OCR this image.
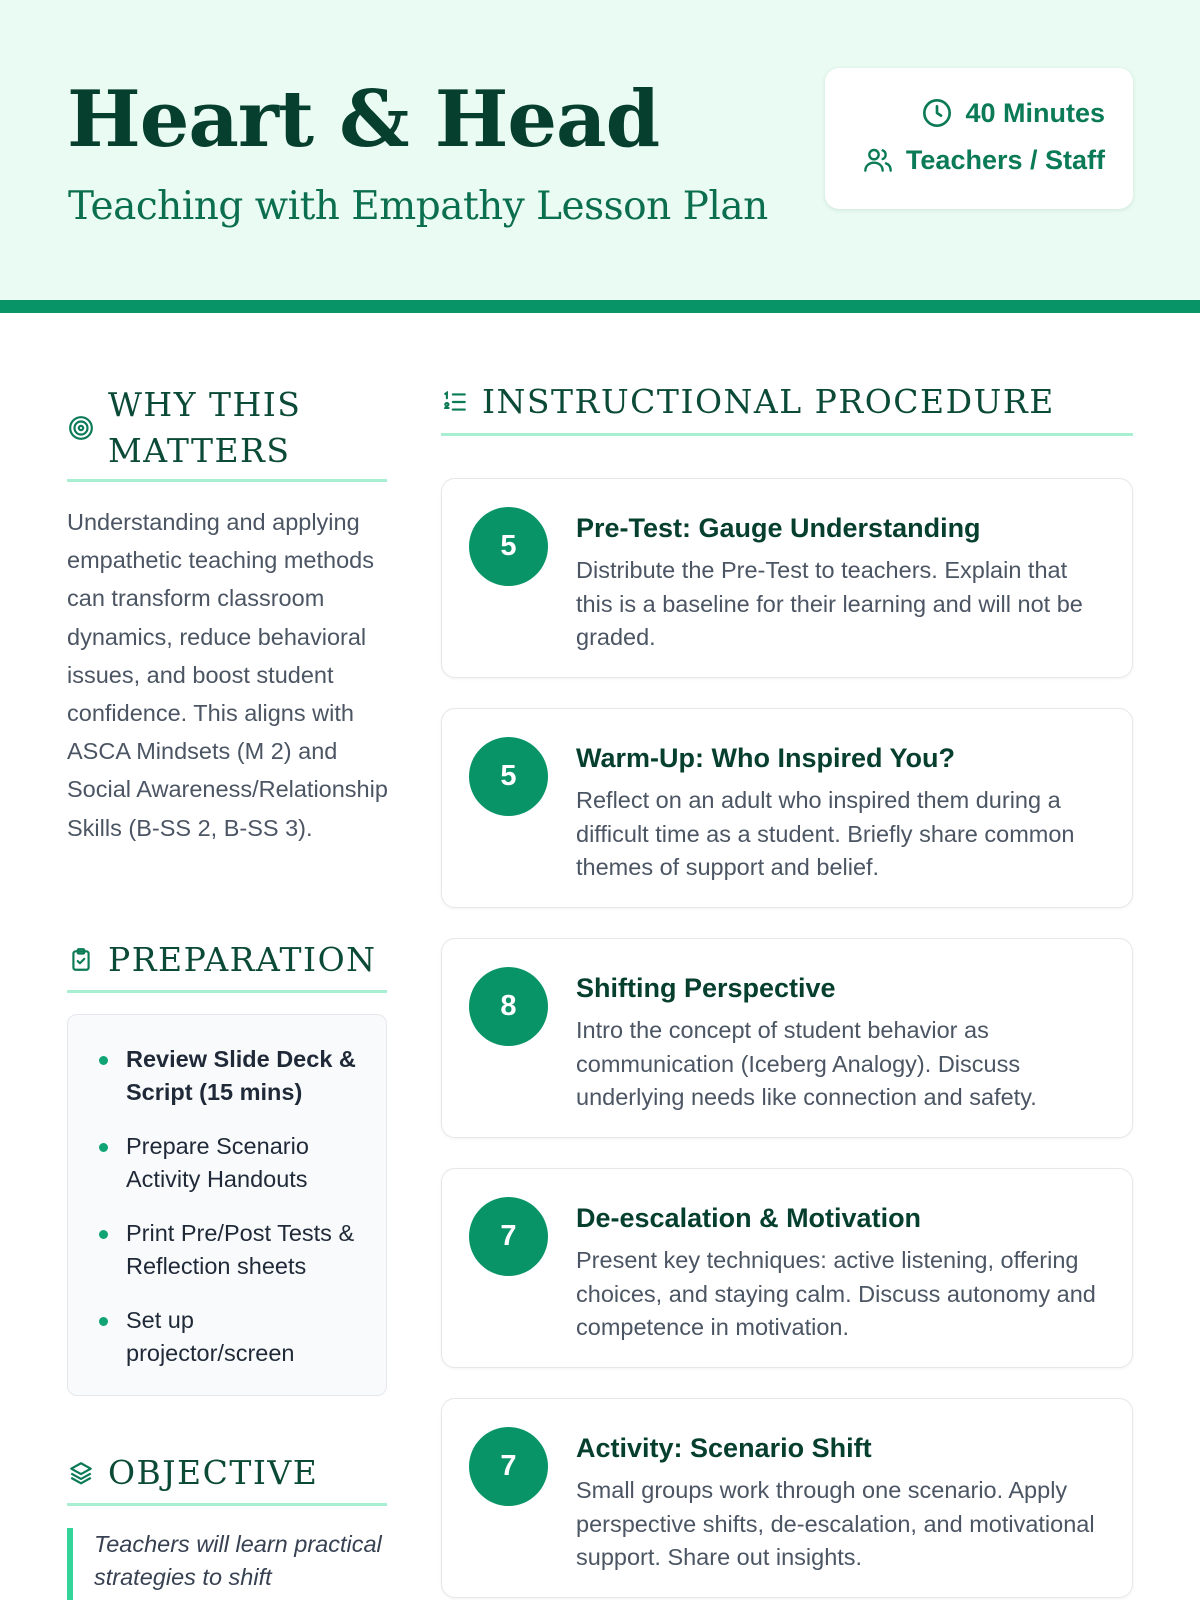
Heart & Head
Teaching with Empathy Lesson Plan
40 Minutes
Teachers / Staff
WHY THIS MATTERS
Understanding and applying empathetic teaching methods can transform classroom dynamics, reduce behavioral issues, and boost student confidence. This aligns with ASCA Mindsets (M 2) and Social Awareness/Relationship Skills (B-SS 2, B-SS 3).
PREPARATION
Review Slide Deck & Script (15 mins)
Prepare Scenario Activity Handouts
Print Pre/Post Tests & Reflection sheets
Set up projector/screen
OBJECTIVE
Teachers will learn practical strategies to shift
INSTRUCTIONAL PROCEDURE
5
Pre-Test: Gauge Understanding
Distribute the Pre-Test to teachers. Explain that this is a baseline for their learning and will not be graded.
5
Warm-Up: Who Inspired You?
Reflect on an adult who inspired them during a difficult time as a student. Briefly share common themes of support and belief.
8
Shifting Perspective
Intro the concept of student behavior as communication (Iceberg Analogy). Discuss underlying needs like connection and safety.
7
De-escalation & Motivation
Present key techniques: active listening, offering choices, and staying calm. Discuss autonomy and competence in motivation.
7
Activity: Scenario Shift
Small groups work through one scenario. Apply perspective shifts, de-escalation, and motivational support. Share out insights.
